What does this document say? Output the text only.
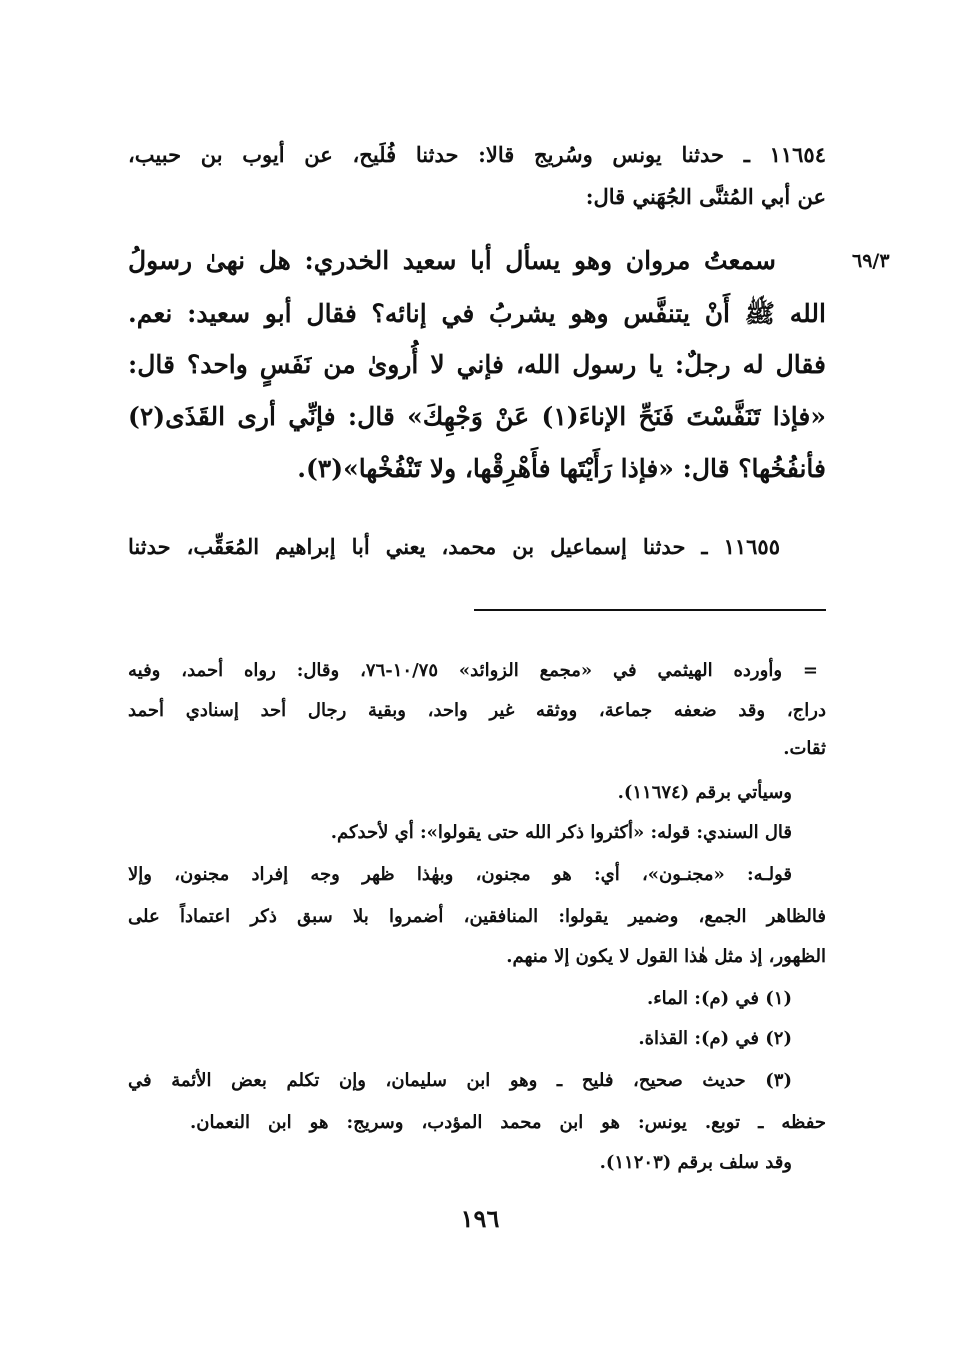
١١٦٥٤ ـ حدثنا يونس وسُريج قالا: حدثنا فُلَيح، عن أيوب بن حبيب،
عن أبي المُثنَّى الجُهَني قال:
٦٩/٣
سمعتُ مروان وهو يسأل أبا سعيد الخدري: هل نهىٰ رسولُ
الله ﷺ أَنْ يتنفَّس وهو يشربُ في إنائه؟ فقال أبو سعيد: نعم.
فقال له رجلٌ: يا رسول الله، فإني لا أُروىٰ من نَفَسٍ واحد؟ قال:
«فإذا تَنَفَّسْتَ فَنَحِّ الإناءَ(١) عَنْ وَجْهِكَ» قال: فإنِّي أرى القَذَى(٢)
فأنفُخُها؟ قال: «فإذا رَأَيْتَها فأَهْرِقْها، ولا تَنْفُخْها»(٣).
١١٦٥٥ ـ حدثنا إسماعيل بن محمد، يعني أبا إبراهيم المُعَقِّب، حدثنا
= وأورده الهيثمي في «مجمع الزوائد» ١٠/٧٥-٧٦، وقال: رواه أحمد، وفيه
دراج، وقد ضعفه جماعة، ووثقه غير واحد، وبقية رجال أحد إسنادي أحمد
ثقات.
وسيأتي برقم (١١٦٧٤).
قال السندي: قوله: «أكثروا ذكر الله حتى يقولوا»: أي لأحدكم.
قولـه: «مجنـون»، أي: هو مجنون، وبهٰذا ظهر وجه إفراد مجنون، وإلا
فالظاهر الجمع، وضمير يقولوا: المنافقين، أضمروا بلا سبق ذكر اعتماداً على
الظهور، إذ مثل هٰذا القول لا يكون إلا منهم.
(١) في (م): الماء.
(٢) في (م): القذاة.
(٣) حديث صحيح، فليح ـ وهو ابن سليمان، وإن تكلم بعض الأئمة في
حفظه ـ توبع. يونس: هو ابن محمد المؤدب، وسريج: هو ابن النعمان.
وقد سلف برقم (١١٢٠٣).
١٩٦
